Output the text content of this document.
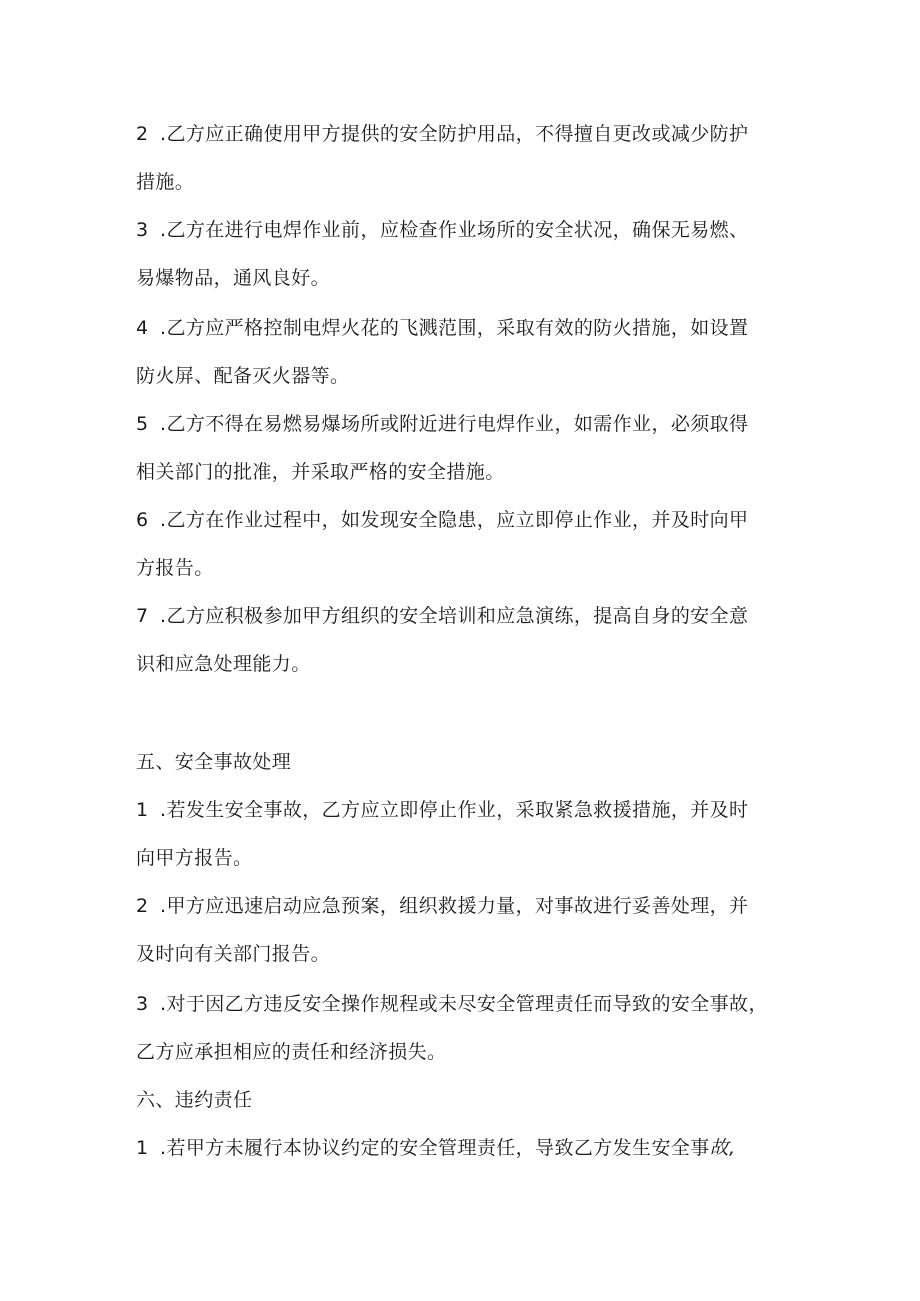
2 .乙方应正确使用甲方提供的安全防护用品，不得擅自更改或减少防护
措施。
3 .乙方在进行电焊作业前，应检查作业场所的安全状况，确保无易燃、
易爆物品，通风良好。
4 .乙方应严格控制电焊火花的飞溅范围，采取有效的防火措施，如设置
防火屏、配备灭火器等。
5 .乙方不得在易燃易爆场所或附近进行电焊作业，如需作业，必须取得
相关部门的批准，并采取严格的安全措施。
6 .乙方在作业过程中，如发现安全隐患，应立即停止作业，并及时向甲
方报告。
7 .乙方应积极参加甲方组织的安全培训和应急演练，提高自身的安全意
识和应急处理能力。
五、安全事故处理
1 .若发生安全事故，乙方应立即停止作业，采取紧急救援措施，并及时
向甲方报告。
2 .甲方应迅速启动应急预案，组织救援力量，对事故进行妥善处理，并
及时向有关部门报告。
3 .对于因乙方违反安全操作规程或未尽安全管理责任而导致的安全事故，
乙方应承担相应的责任和经济损失。
六、违约责任
1 .若甲方未履行本协议约定的安全管理责任，导致乙方发生安全事故,
